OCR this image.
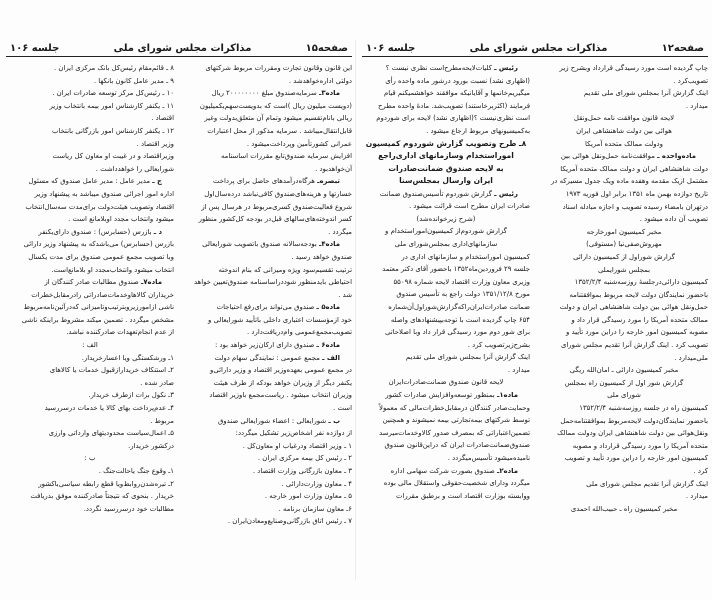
صفحه۱۵
مذاکرات مجلس شورای ملی
جلسه ۱۰۶

این قانون وقانون تجارت ومقررات مربوط شرکتهای

دولتی اداره‌خواهدشد .

ماده۳ـ سرمایه‌صندوق مبلغ ۲۰۰۰۰۰۰۰۰ ریال

(دویست میلیون ریال )است که بدویست‌سهم‌یکمیلیون

ریالی بانام‌تقسیم میشود وتمام آن متعلق‌بدولت وغیر

قابل‌انتقال‌میباشد . سرمایه مذکور از محل اعتبارات

عمرانی کشورتأمین وپرداخت‌میشود .

افزایش سرمایه صندوق‌تابع مقررات اساسنامه

آن‌خواهدبود .

تبصره‌ـ هرگاه‌درآمدهای حاصل برای پرداخت

خسارتها و هزینه‌های‌صندوق کافی‌نباشد درده‌سال‌اول

شروع فعالیت‌صندوق کسری‌مربوط در هرسال پس از

کسر اندوخته‌های‌سالهای قبل‌در بودجه کل‌کشور منظور

میگردد .

ماده۴ـ بودجه‌سالانه صندوق باتصویب شورایعالی

صندوق خواهد رسید .

ترتیب تقسیم‌سود ویژه ومیزانی که بنام اندوخته

احتیاطی بایدمنظور شوددراساسنامه صندوق‌تعیین خواهد

شد .

ماده۵ ـ صندوق می‌تواند برای‌رفع احتیاجات

خود ازمؤسسات اعتباری داخلی باتأیید شورایعالی و

تصویب‌مجمع‌عمومی وام‌دریافت‌دارد .

ماده۶ ـ صندوق دارای ارکان‌زیر خواهد بود :

الف ـ مجمع عمومی : نمایندگی سهام دولت

در مجمع عمومی بعهده‌وزیر اقتصاد و وزیر دارائی‌و

یکنفر دیگر از وزیران خواهد بودکه از طرف هیئت

وزیران انتخاب میشود . ریاست‌مجمع باوزیر اقتصاد

است .

ب ـ شورایعالی : اعضاء شورایعالی صندوق

از دوازده نفر اشخاص‌زیر تشکیل میگردد:

۱ ـ وزیر اقتصاد ودرغیاب او معاون‌کل .

۲ ـ رئیس کل بیمه مرکزی ایران .

۳ ـ معاون بازرگانی وزارت اقتصاد .

۴ ـ معاون وزارت‌دارائی .

۵ ـ معاون وزارت امور خارجه .

۶ـ معاون سازمان برنامه .

۷ ـ رئیس اتاق بازرگانی‌وصنایع‌ومعادن‌ایران .

۸ ـ قائم‌مقام رئیس‌کل بانک مرکزی ایران .

۹ ـ مدیر عامل کانون بانکها .

۱۰ ـ رئیس‌کل مرکز توسعه صادرات ایران .

۱۱ ـ یکنفر کارشناس امور بیمه بانتخاب وزیر

اقتصاد .

۱۲ ـ یکنفر کارشناس امور بازرگانی بانتخاب

وزیر اقتصاد .

وزیراقتصاد و در غیبت او معاون کل ریاست

شورایعالی را خواهدداشت .

ج ـ مدیر عامل : مدیر عامل صندوق که مسئول

اداره امور اجرائی صندوق میباشد به پیشنهاد وزیر

اقتصاد وتصویب هیئت‌دولت برای‌مدت سه‌سال‌انتخاب

میشود وانتخاب مجدد اوبلامانع است .

د ـ بازرس (حسابرس) : صندوق دارای‌یکنفر

بازرس (حسابرس) می‌باشدکه به پیشنهاد وزیر دارائی

وبا تصویب مجمع عمومی صندوق برای مدت یکسال

انتخاب میشود وانتخاب‌مجدد او بلامانع‌است.

ماده۷ـ صندوق مطالبات صادر کنندگان از

خریداران کالاهاوخدمات‌صادراتی رادرمقابل‌خطرات

ناشی ازامورزیروبترتیب‌وتامیزانی که‌درآئین‌نامه‌مربوط

مشخص میگردد . تضمین میکند مشروط براینکه ناشی

از عدم انجام‌تعهدات صادرکننده نباشد.

الف :

۱ـ ورشکستگی ویا اعسارخریدار.

۲ـ استنکاف خریدارازقبول خدمات یا کالاهای

صادر شده .

۳ـ نکول برات ازطرف خریدار.

۴ـ عدم‌پرداخت بهای کالا یا خدمات درسررسید

مربوط .

۵ـ اعمال‌سیاست محدودیتهای وارداتی وارزی

درکشور خریدار.

ب :

۱ـ وقوع جنگ یاحالت‌جنگ .

۲ـ تیره‌شدن‌روابط‌ویا قطع رابطه سیاسی‌باکشور

خریدار . بنحوی که نتیجتاً صادرکننده موفق بدریافت

مطالبات خود درسررسید نگردد.

صفحه۱۲
مذاکرات مجلس شورای ملی
جلسه ۱۰۶

چاپ گردیده است مورد رسیدگی قرارداد وبشرح زیر

تصویب‌کرد .

اینک گزارش آنرا بمجلس شورای ملی تقدیم

میدارد .

لایحه قانون موافقت نامه حمل‌ونقل

هوائی بین دولت شاهنشاهی ایران

ودولت ممالک متحده آمریکا

ماده‌واحده ـ موافقت‌نامه حمل‌ونقل هوائی بین

دولت شاهنشاهی ایران و دولت ممالک متحده آمریکا

مشتمل ازیک مقدمه وهفده ماده ویک جدول مسیرکه در

تاریخ دوازده بهمن ماه ۱۳۵۱ برابر اول فوریه ۱۹۷۳

درتهران بامضاء رسیده تصویب و اجازه مبادله اسناد

تصویب آن داده میشود .

مخبر کمیسیون امورخارجه

مهروش‌صفی‌نیا (مستوفی)

گزارش شوراول از کمیسیون دارائی

بمجلس شورایملی

کمیسیون دارائی‌درجلسهٔ روزسه‌شنبه ۱۳۵۲/۲/۴

باحضور نمایندگان دولت لایحه مربوط بموافقتنامه

حمل‌ونقل هوائی بین دولت شاهنشاهی ایران و دولت

ممالک متحده آمریکا را مورد رسیدگی قرار داد و

مصوبه کمیسیون امور خارجه را دراین مورد تأیید و

تصویب کرد . اینک گزارش آنرا تقدیم مجلس شورای

ملی‌میدارد .

مخبر کمیسیون دارائی ـ امان‌الله ریگی

گزارش شور اول از کمیسیون راه بمجلس

شورای ملی

کمیسیون راه در جلسه روزسه‌شنبه ۱۳۵۲/۲/۴

باحضور نمایندگان‌دولت لایحه‌مربوط بموافقتنامه‌حمل

ونقل‌هوائی بین دولت شاهنشاهی ایران ودولت ممالک

متحده آمریکا را مورد رسیدگی قرارداد و مصوبه

کمیسیون امور خارجه را دراین مورد تأیید و تصویب

کرد .

اینک گزارش آنرا تقدیم مجلس شورای ملی

میدارد .

مخبر کمیسیون راه ـ حبیب‌الله احمدی

رئیس ـ کلیات‌لایحه‌مطرح‌است نظری نیست ؟

(اظهاری نشد) نسبت بورود درشور ماده واحده رأی

میگیریم‌خانمها و آقایانیکه موافقند خواهشمیکنم قیام

فرمایند (اکثربرخاستند) تصویب‌شد. مادهٔ واحده مطرح

است نظری‌نیست ؟(اظهاری نشد) لایحه برای شوردوم

به‌کمیسیونهای مربوط ارجاع میشود .

۸ـ طرح وتصویب گزارش شوردوم کمیسیون

امور‌استخدام وسازمانهای اداری‌راجع

به لایحه صندوق ضمانت‌صادرات

ایران وارسال بمجلس‌سنا

رئیس ـ گزارش شوردوم تأسیس‌صندوق ضمانت

صادرات ایران مطرح است قرائت میشود .

(شرح زیرخوانده‌شد)

گزارش شوردوم‌از کمیسیون‌امور‌استخدام و

سازمانهای‌اداری بمجلس‌شورای ملی

کمیسیون امور‌استخدام و سازمانهای اداری در

جلسه ۲۹ فروردین‌ماه۱۳۵۲ باحضور آقای دکتر معتمد

وزیری معاون وزارت اقتصاد لایحه شماره ۵۵۰۹۸

مورخ ۱۳۵۱/۱۲/۸ دولت راجع به تأسیس صندوق

ضمانت صادرات‌ایران‌راکه‌گزارش‌شوراول‌آن‌شماره

۶۵۴ چاپ گردیده است با توجه‌بپیشنهادهای واصله

برای شور دوم مورد رسیدگی قرار داد وبا اصلاحاتی

بشرح‌زیرتصویب کرد .

اینک گزارش آنرا بمجلس شورای ملی تقدیم

میدارد .

لایحه قانون صندوق ضمانت‌صادرات‌ایران

ماده۱ـ بمنظور توسعه‌وافزایش صادرات کشور

وحمایت‌صادر کنندگان درمقابل‌خطرات‌مالی که معمولاً

توسط شرکتهای بیمه‌تجارتی بیمه نمیشوند و همچنین

تضمین‌اعتباراتی که بمصرف صدور کالاوخدمات‌میرسد

صندوق‌ضمانت‌صادرات ایران که دراین‌قانون صندوق

نامیده‌میشود تأسیس‌میگردد .

ماده۲ـ صندوق بصورت شرکت سهامی اداره

میگردد ودارای شخصیت‌حقوقی واستقلال مالی بوده

ووابسته بوزارت اقتصاد است و برطبق مقررات
